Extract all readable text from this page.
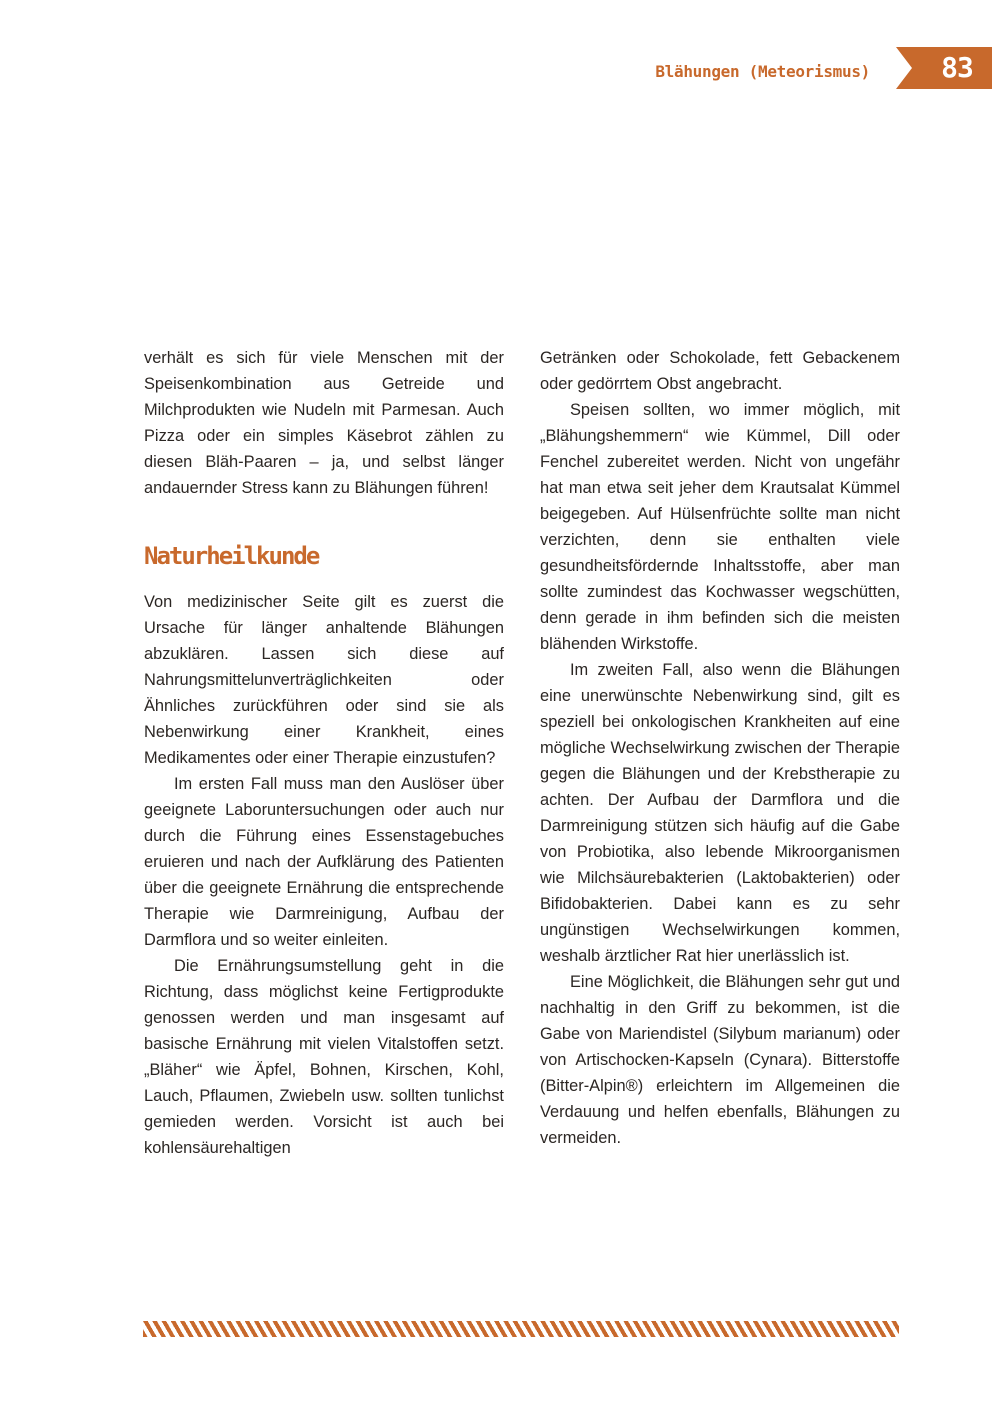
Blähungen (Meteorismus)	83

verhält es sich für viele Menschen mit der Speisenkombination aus Getreide und Milchprodukten wie Nudeln mit Parmesan. Auch Pizza oder ein simples Käsebrot zählen zu diesen Bläh-Paaren – ja, und selbst länger andauernder Stress kann zu Blähungen führen!

Naturheilkunde

Von medizinischer Seite gilt es zuerst die Ursache für länger anhaltende Blähungen abzuklären. Lassen sich diese auf Nahrungsmittelunverträglichkeiten oder Ähnliches zurückführen oder sind sie als Nebenwirkung einer Krankheit, eines Medikamentes oder einer Therapie einzustufen?

Im ersten Fall muss man den Auslöser über geeignete Laboruntersuchungen oder auch nur durch die Führung eines Essenstagebuches eruieren und nach der Aufklärung des Patienten über die geeignete Ernährung die entsprechende Therapie wie Darmreinigung, Aufbau der Darmflora und so weiter einleiten.

Die Ernährungsumstellung geht in die Richtung, dass möglichst keine Fertigprodukte genossen werden und man insgesamt auf basische Ernährung mit vielen Vitalstoffen setzt. „Bläher“ wie Äpfel, Bohnen, Kirschen, Kohl, Lauch, Pflaumen, Zwiebeln usw. sollten tunlichst gemieden werden. Vorsicht ist auch bei kohlensäurehaltigen

Getränken oder Schokolade, fett Gebackenem oder gedörrtem Obst angebracht.

Speisen sollten, wo immer möglich, mit „Blähungshemmern“ wie Kümmel, Dill oder Fenchel zubereitet werden. Nicht von ungefähr hat man etwa seit jeher dem Krautsalat Kümmel beigegeben. Auf Hülsenfrüchte sollte man nicht verzichten, denn sie enthalten viele gesundheitsfördernde Inhaltsstoffe, aber man sollte zumindest das Kochwasser wegschütten, denn gerade in ihm befinden sich die meisten blähenden Wirkstoffe.

Im zweiten Fall, also wenn die Blähungen eine unerwünschte Nebenwirkung sind, gilt es speziell bei onkologischen Krankheiten auf eine mögliche Wechselwirkung zwischen der Therapie gegen die Blähungen und der Krebstherapie zu achten. Der Aufbau der Darmflora und die Darmreinigung stützen sich häufig auf die Gabe von Probiotika, also lebende Mikroorganismen wie Milchsäurebakterien (Laktobakterien) oder Bifidobakterien. Dabei kann es zu sehr ungünstigen Wechselwirkungen kommen, weshalb ärztlicher Rat hier unerlässlich ist.

Eine Möglichkeit, die Blähungen sehr gut und nachhaltig in den Griff zu bekommen, ist die Gabe von Mariendistel (Silybum marianum) oder von Artischocken-Kapseln (Cynara). Bitterstoffe (Bitter-Alpin®) erleichtern im Allgemeinen die Verdauung und helfen ebenfalls, Blähungen zu vermeiden.
